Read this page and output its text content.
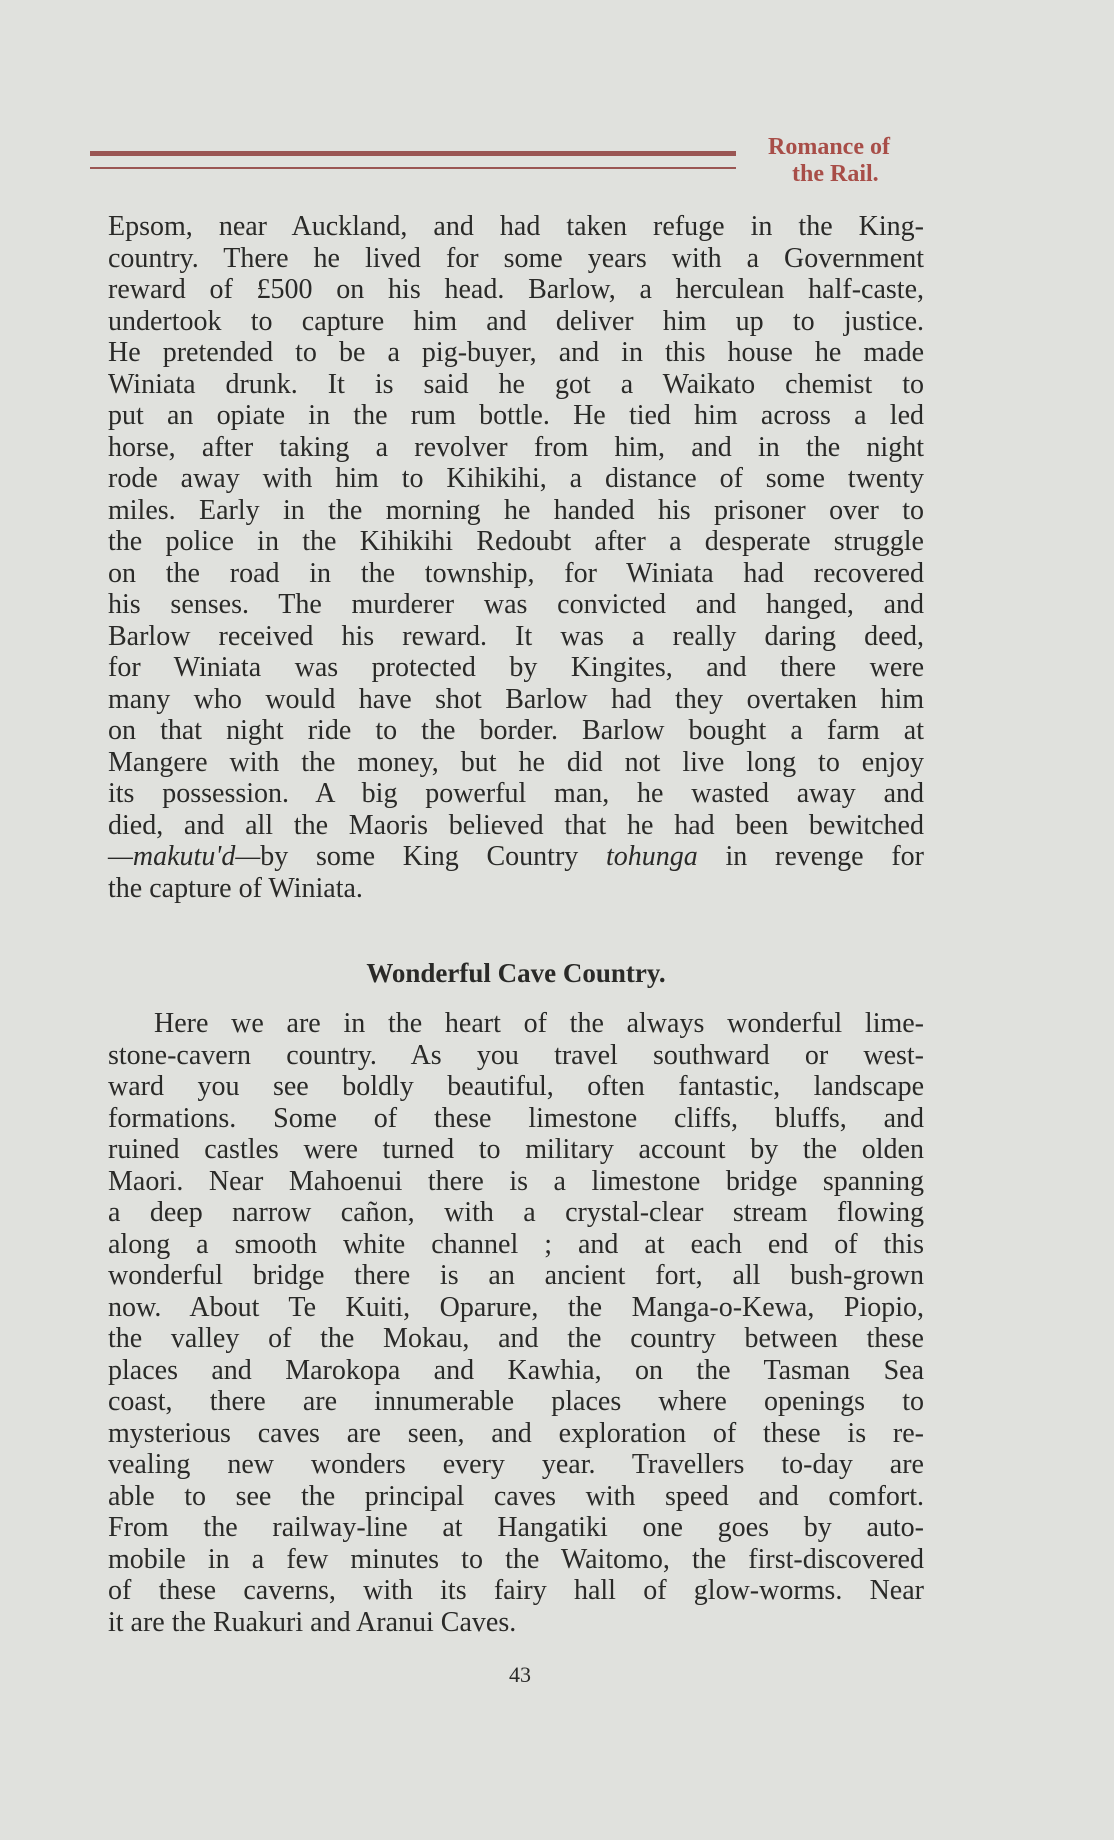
Romance of
the Rail.
Epsom, near Auckland, and had taken refuge in the King-
country. There he lived for some years with a Government
reward of £500 on his head. Barlow, a herculean half-caste,
undertook to capture him and deliver him up to justice.
He pretended to be a pig-buyer, and in this house he made
Winiata drunk. It is said he got a Waikato chemist to
put an opiate in the rum bottle. He tied him across a led
horse, after taking a revolver from him, and in the night
rode away with him to Kihikihi, a distance of some twenty
miles. Early in the morning he handed his prisoner over to
the police in the Kihikihi Redoubt after a desperate struggle
on the road in the township, for Winiata had recovered
his senses. The murderer was convicted and hanged, and
Barlow received his reward. It was a really daring deed,
for Winiata was protected by Kingites, and there were
many who would have shot Barlow had they overtaken him
on that night ride to the border. Barlow bought a farm at
Mangere with the money, but he did not live long to enjoy
its possession. A big powerful man, he wasted away and
died, and all the Maoris believed that he had been bewitched
—makutu'd—by some King Country tohunga in revenge for
the capture of Winiata.
Wonderful Cave Country.
Here we are in the heart of the always wonderful lime-
stone-cavern country. As you travel southward or west-
ward you see boldly beautiful, often fantastic, landscape
formations. Some of these limestone cliffs, bluffs, and
ruined castles were turned to military account by the olden
Maori. Near Mahoenui there is a limestone bridge spanning
a deep narrow cañon, with a crystal-clear stream flowing
along a smooth white channel ; and at each end of this
wonderful bridge there is an ancient fort, all bush-grown
now. About Te Kuiti, Oparure, the Manga-o-Kewa, Piopio,
the valley of the Mokau, and the country between these
places and Marokopa and Kawhia, on the Tasman Sea
coast, there are innumerable places where openings to
mysterious caves are seen, and exploration of these is re-
vealing new wonders every year. Travellers to-day are
able to see the principal caves with speed and comfort.
From the railway-line at Hangatiki one goes by auto-
mobile in a few minutes to the Waitomo, the first-discovered
of these caverns, with its fairy hall of glow-worms. Near
it are the Ruakuri and Aranui Caves.
43
